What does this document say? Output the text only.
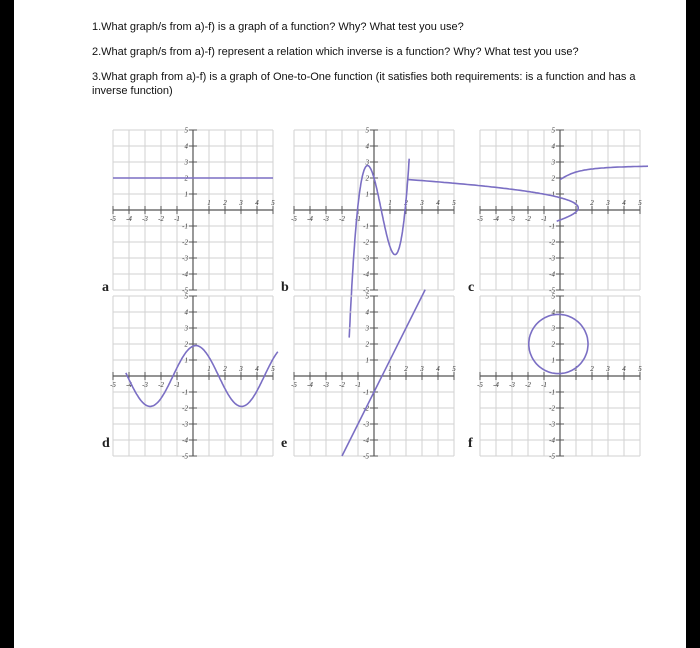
1.What graph/s from a)-f) is a graph of a function? Why? What test you use?

2.What graph/s from a)-f) represent a relation which inverse is a function? Why? What test you use?

3.What graph from a)-f) is a graph of One-to-One function (it satisfies both requirements: is a function and has a inverse function)

-5 -4 -3 -2 -1
1 2 3 4 5
5
4
3
2
1
-1
-2
-3
-4
-5
-5 -4 -3 -2 -1
1 2 3 4 5
5
4
3
2
1
-1
-2
-3
-4
-5
-5 -4 -3 -2 -1
1 2 3 4 5
5
4
3
2
1
-1
-2
-3
-4
-5
-5 -4 -3 -2 -1
1 2 3 4 5
5
4
3
2
1
-1
-2
-3
-4
-5
-5 -4 -3 -2 -1
1 2 3 4 5
5
4
3
2
1
-1
-2
-3
-4
-5
-5 -4 -3 -2 -1
1 2 3 4 5
5
4
3
2
1
-1
-2
-3
-4
-5
a	b	c
d	e	f
